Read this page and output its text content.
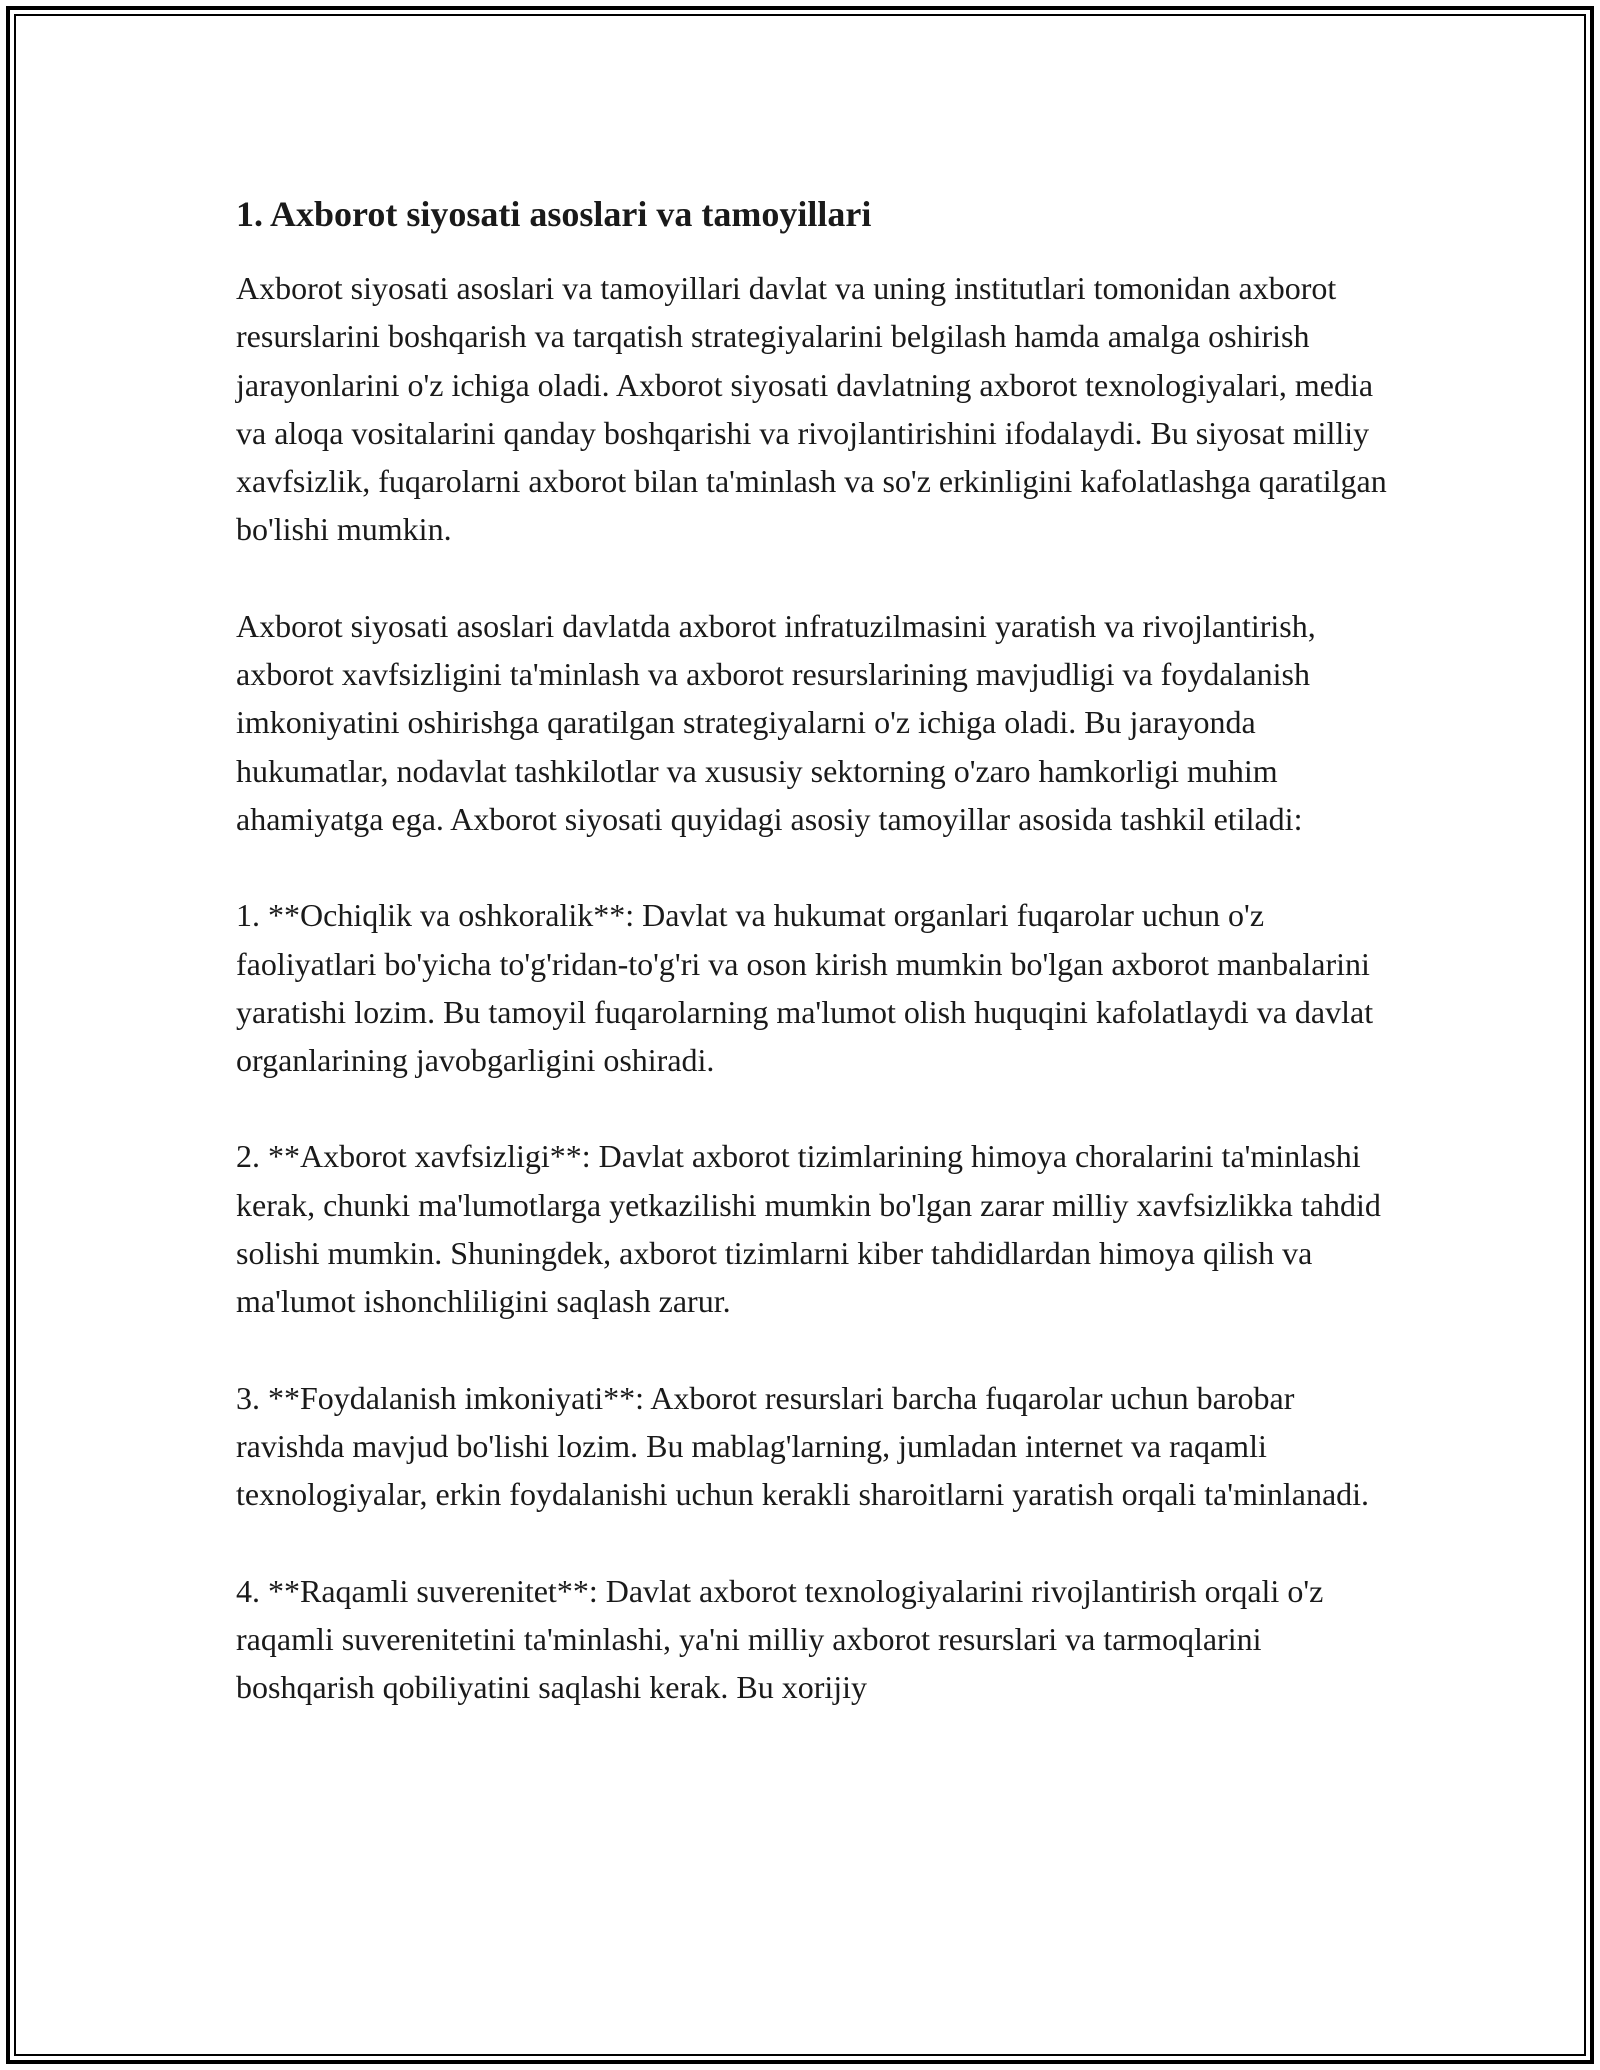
1. Axborot siyosati asoslari va tamoyillari

Axborot siyosati asoslari va tamoyillari davlat va uning institutlari tomonidan axborot resurslarini boshqarish va tarqatish strategiyalarini belgilash hamda amalga oshirish jarayonlarini o'z ichiga oladi. Axborot siyosati davlatning axborot texnologiyalari, media va aloqa vositalarini qanday boshqarishi va rivojlantirishini ifodalaydi. Bu siyosat milliy xavfsizlik, fuqarolarni axborot bilan ta'minlash va so'z erkinligini kafolatlashga qaratilgan bo'lishi mumkin.

Axborot siyosati asoslari davlatda axborot infratuzilmasini yaratish va rivojlantirish, axborot xavfsizligini ta'minlash va axborot resurslarining mavjudligi va foydalanish imkoniyatini oshirishga qaratilgan strategiyalarni o'z ichiga oladi. Bu jarayonda hukumatlar, nodavlat tashkilotlar va xususiy sektorning o'zaro hamkorligi muhim ahamiyatga ega. Axborot siyosati quyidagi asosiy tamoyillar asosida tashkil etiladi:

1. **Ochiqlik va oshkoralik**: Davlat va hukumat organlari fuqarolar uchun o'z faoliyatlari bo'yicha to'g'ridan-to'g'ri va oson kirish mumkin bo'lgan axborot manbalarini yaratishi lozim. Bu tamoyil fuqarolarning ma'lumot olish huquqini kafolatlaydi va davlat organlarining javobgarligini oshiradi.

2. **Axborot xavfsizligi**: Davlat axborot tizimlarining himoya choralarini ta'minlashi kerak, chunki ma'lumotlarga yetkazilishi mumkin bo'lgan zarar milliy xavfsizlikka tahdid solishi mumkin. Shuningdek, axborot tizimlarni kiber tahdidlardan himoya qilish va ma'lumot ishonchliligini saqlash zarur.

3. **Foydalanish imkoniyati**: Axborot resurslari barcha fuqarolar uchun barobar ravishda mavjud bo'lishi lozim. Bu mablag'larning, jumladan internet va raqamli texnologiyalar, erkin foydalanishi uchun kerakli sharoitlarni yaratish orqali ta'minlanadi.

4. **Raqamli suverenitet**: Davlat axborot texnologiyalarini rivojlantirish orqali o'z raqamli suverenitetini ta'minlashi, ya'ni milliy axborot resurslari va tarmoqlarini boshqarish qobiliyatini saqlashi kerak. Bu xorijiy
